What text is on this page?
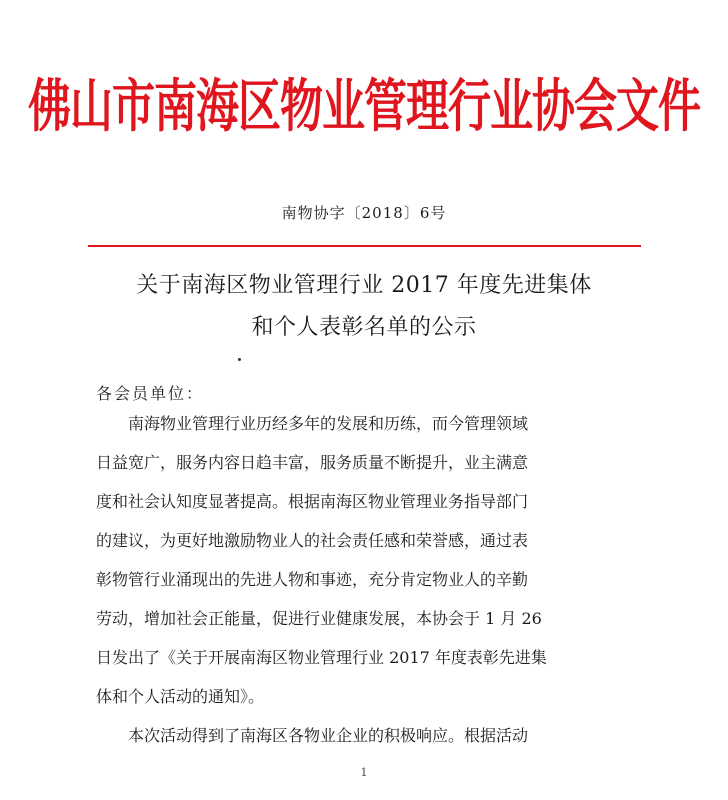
佛山市南海区物业管理行业协会文件
南物协字〔2018〕6号
关于南海区物业管理行业 2017 年度先进集体
和个人表彰名单的公示
各会员单位：
　　南海物业管理行业历经多年的发展和历练，而今管理领域
日益宽广，服务内容日趋丰富，服务质量不断提升，业主满意
度和社会认知度显著提高。根据南海区物业管理业务指导部门
的建议，为更好地激励物业人的社会责任感和荣誉感，通过表
彰物管行业涌现出的先进人物和事迹，充分肯定物业人的辛勤
劳动，增加社会正能量，促进行业健康发展，本协会于 1 月 26
日发出了《关于开展南海区物业管理行业 2017 年度表彰先进集
体和个人活动的通知》。
　　本次活动得到了南海区各物业企业的积极响应。根据活动
1
